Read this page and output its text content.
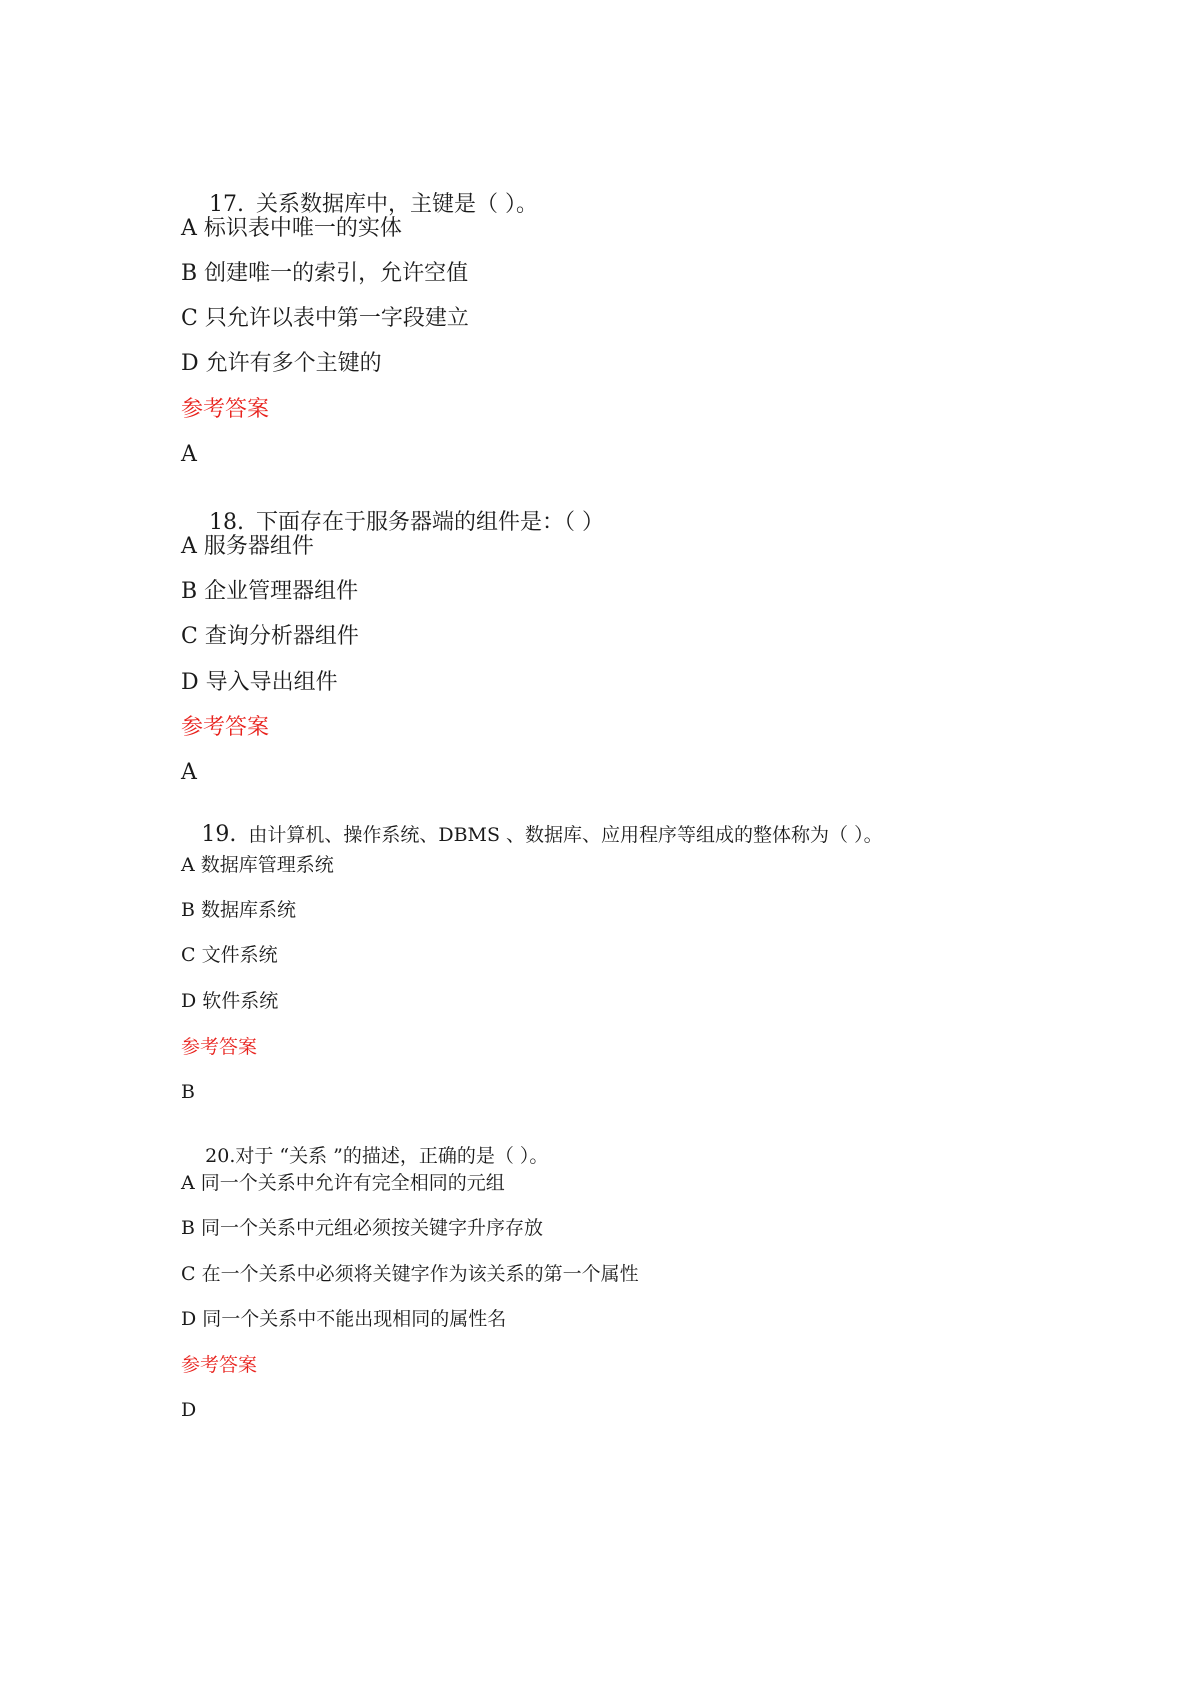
17. 关系数据库中，主键是（ ）。

A 标识表中唯一的实体
B 创建唯一的索引，允许空值
C 只允许以表中第一字段建立
D 允许有多个主键的
参考答案
A

18. 下面存在于服务器端的组件是：（ ）

A 服务器组件
B 企业管理器组件
C 查询分析器组件
D 导入导出组件
参考答案
A

19. 由计算机、操作系统、DBMS 、数据库、应用程序等组成的整体称为（ ）。

A 数据库管理系统
B 数据库系统
C 文件系统
D 软件系统
参考答案
B

20.对于 “关系 ”的描述，正确的是（ ）。

A 同一个关系中允许有完全相同的元组
B 同一个关系中元组必须按关键字升序存放
C 在一个关系中必须将关键字作为该关系的第一个属性
D 同一个关系中不能出现相同的属性名
参考答案
D
